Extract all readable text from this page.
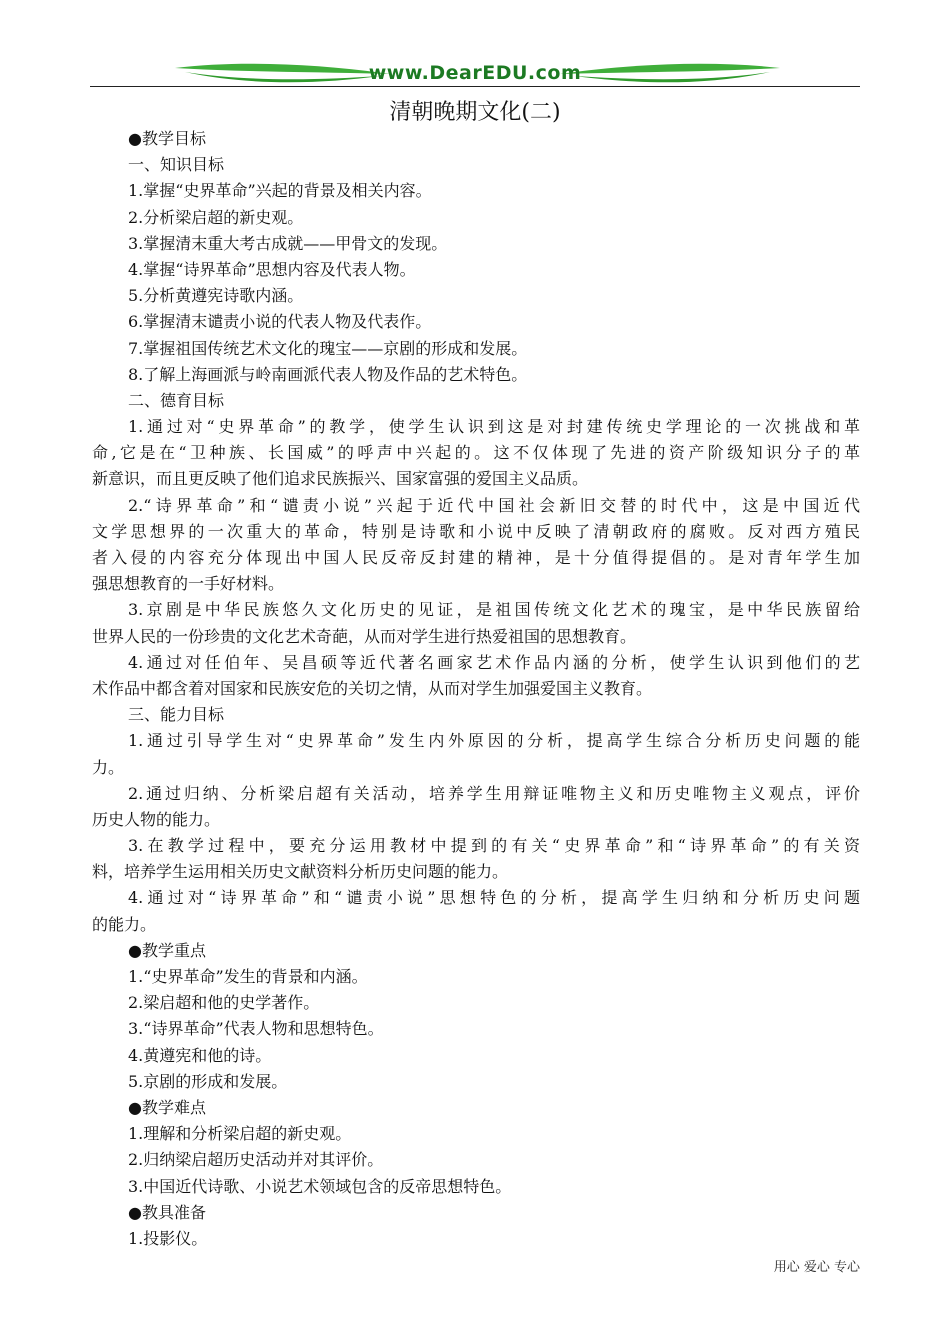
www.DearEDU.com
清朝晚期文化(二)
●教学目标
一、知识目标
1.掌握“史界革命”兴起的背景及相关内容。
2.分析梁启超的新史观。
3.掌握清末重大考古成就——甲骨文的发现。
4.掌握“诗界革命”思想内容及代表人物。
5.分析黄遵宪诗歌内涵。
6.掌握清末谴责小说的代表人物及代表作。
7.掌握祖国传统艺术文化的瑰宝——京剧的形成和发展。
8.了解上海画派与岭南画派代表人物及作品的艺术特色。
二、德育目标
1.通过对“史界革命”的教学，使学生认识到这是对封建传统史学理论的一次挑战和革
命,它是在“卫种族、长国威”的呼声中兴起的。这不仅体现了先进的资产阶级知识分子的革
新意识，而且更反映了他们追求民族振兴、国家富强的爱国主义品质。
2.“诗界革命”和“谴责小说”兴起于近代中国社会新旧交替的时代中，这是中国近代
文学思想界的一次重大的革命，特别是诗歌和小说中反映了清朝政府的腐败。反对西方殖民
者入侵的内容充分体现出中国人民反帝反封建的精神，是十分值得提倡的。是对青年学生加
强思想教育的一手好材料。
3.京剧是中华民族悠久文化历史的见证，是祖国传统文化艺术的瑰宝，是中华民族留给
世界人民的一份珍贵的文化艺术奇葩，从而对学生进行热爱祖国的思想教育。
4.通过对任伯年、吴昌硕等近代著名画家艺术作品内涵的分析，使学生认识到他们的艺
术作品中都含着对国家和民族安危的关切之情，从而对学生加强爱国主义教育。
三、能力目标
1.通过引导学生对“史界革命”发生内外原因的分析，提高学生综合分析历史问题的能
力。
2.通过归纳、分析梁启超有关活动，培养学生用辩证唯物主义和历史唯物主义观点，评价
历史人物的能力。
3.在教学过程中，要充分运用教材中提到的有关“史界革命”和“诗界革命”的有关资
料，培养学生运用相关历史文献资料分析历史问题的能力。
4.通过对“诗界革命”和“谴责小说”思想特色的分析，提高学生归纳和分析历史问题
的能力。
●教学重点
1.“史界革命”发生的背景和内涵。
2.梁启超和他的史学著作。
3.“诗界革命”代表人物和思想特色。
4.黄遵宪和他的诗。
5.京剧的形成和发展。
●教学难点
1.理解和分析梁启超的新史观。
2.归纳梁启超历史活动并对其评价。
3.中国近代诗歌、小说艺术领域包含的反帝思想特色。
●教具准备
1.投影仪。
用心 爱心 专心
